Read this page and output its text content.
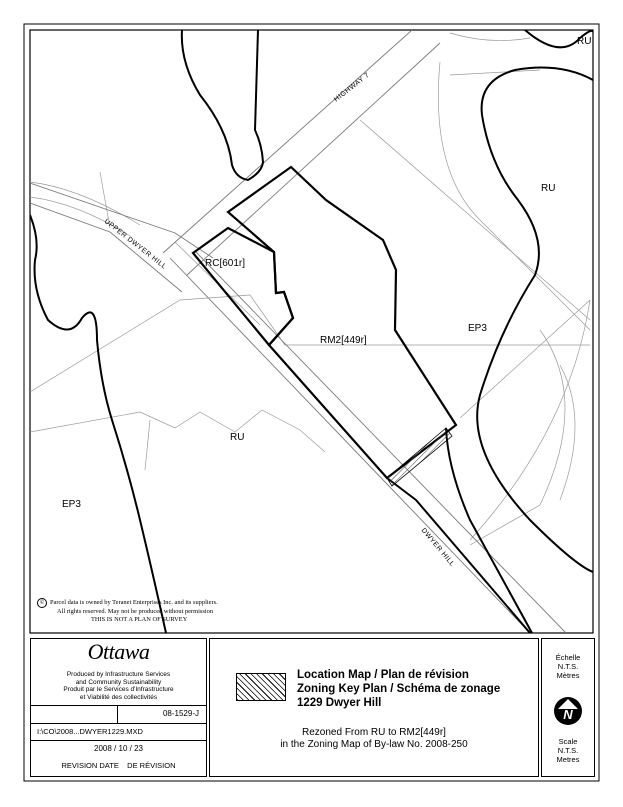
RU
RU
EP3
RM2[449r]
RC[601r]
RU
EP3
HIGHWAY 7
UPPER DWYER HILL
DWYER HILL
© Parcel data is owned by Teranet Enterprises Inc. and its suppliers.
All rights reserved. May not be produced without permission
THIS IS NOT A PLAN OF SURVEY
Ottawa
Produced by Infrastructure Services
and Community Sustainability
Produit par le Services d'Infrastructure
et Viabilité des collectivités
08-1529-J
I:\CO\2008...DWYER1229.MXD
2008 / 10 / 23
REVISION DATE    DE RÉVISION
Location Map / Plan de révision
Zoning Key Plan / Schéma de zonage
1229 Dwyer Hill
Rezoned From RU to RM2[449r]
in the Zoning Map of By-law No. 2008-250
Échelle
N.T.S.
Mètres
N
Scale
N.T.S.
Metres
